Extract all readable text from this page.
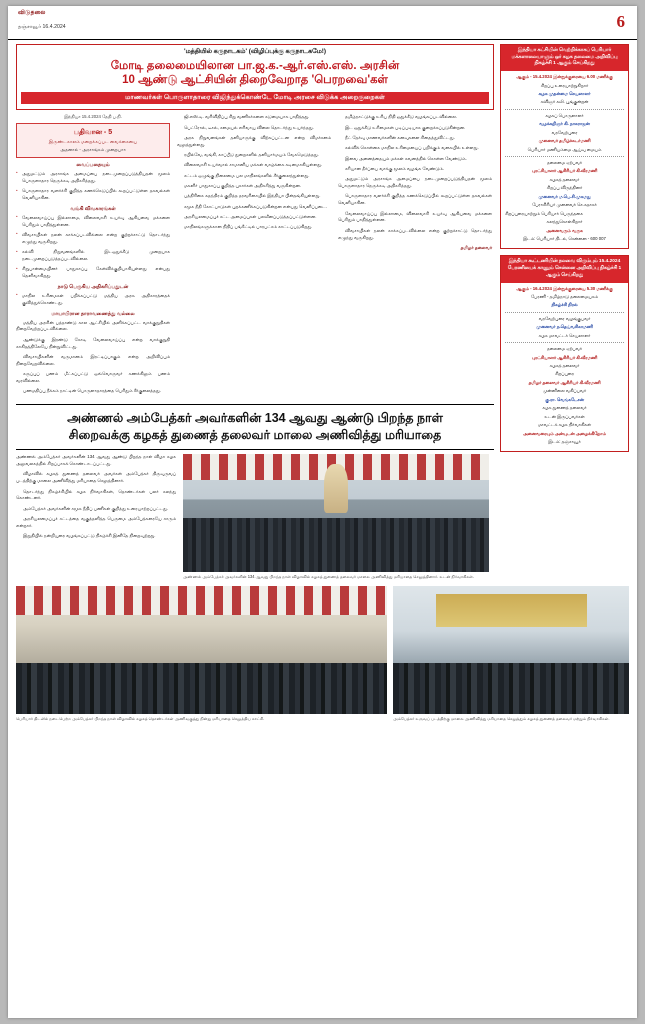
விடுதலை
தஞ்சாவூர் 16.4.2024	6
'மத்தியில் கருநாடகம்' (விழிப்புக்கு கருநாடகமே!)
மோடி தலைமையிலான பா.ஜ.க.-ஆர்.எஸ்.எஸ். அரசின்
10 ஆண்டு ஆட்சியின் திறைவேறாத 'பெரறவை'கள்
மாணவர்கள் பொருளாதாரை விஜிந்துக்கொண்டே மோடி அரசை விடுக்க அறைகுறைகள்
இந்தியா 15.4.2024 தேதி ப.நி.
பதிவான - 5
இருண்டகாலம் மறைக்கப்பட வைக்கையை
அதனால் - அரசாங்கம் முறையாா
வைப்பதையும்
● அதுமட்டும் அரசாங்க அமைப்பை நடைமுறைப்படுத்தியதன் மூலம் பொருளாதார நெருக்கடி அதிகரித்தது.
● பொருளாதார வளர்ச்சி குறித்த கணக்கெடுப்பில் கூறப்பட்டுள்ள தகவல்கள் வெளியாகின.
வங்கி விவகாரங்கள்
● வேலைவாய்ப்பு இல்லாமை, விலைவாசி உயர்வு ஆகியவை மக்களை பெரிதும் பாதித்துள்ளன.
● விவசாயிகள் நலன் காக்கப்படவில்லை என்ற குற்றச்சாட்டு தொடர்ந்து எழுந்து வருகிறது.
● கல்வி நிறுவனங்களில் இடஒதுக்கீடு முறையாக நடைமுறைப்படுத்தப்படவில்லை.
● சிறுபான்மையினர் பாதுகாப்பு கேள்விக்குறியாகியுள்ளது என்பது தெளிவாகிறது.
நாடு பெருகிய அதிகரிப்பதுடன்
● மாநில உரிமைகள் பறிக்கப்பட்டு மத்திய அரசு அதிகாரத்தைக் குவித்துக்கொண்டது.
மாயாபிரான தாராவணைத்து வல்லை

மத்திய அரசின் பத்தாண்டு கால ஆட்சியில் அளிக்கப்பட்ட வாக்குறுதிகள் நிறைவேற்றப்படவில்லை.

ஆண்டுக்கு இரண்டு கோடி வேலைவாய்ப்பு என்ற வாக்குறுதி காகிதத்திலேயே நின்றுவிட்டது.

விவசாயிகளின் வருமானம் இரட்டிப்பாகும் என்ற அறிவிப்பும் நிறைவேறவில்லை.

கருப்புப் பணம் மீட்கப்பட்டு ஒவ்வொருவர் கணக்கிலும் பணம் வரவில்லை.

பணமதிப்பு நீக்கம் நாட்டின் பொருளாதாரத்தை பெரிதும் சீர்குலைத்தது.

ஜி.எஸ்.டி. வரிவிதிப்பு சிறு வணிகர்களை கடுமையாக பாதித்தது.

பெட்ரோல், டீசல், சமையல் எரிவாயு விலை தொடர்ந்து உயர்ந்தது.

அரசு நிறுவனங்கள் தனியாருக்கு விற்கப்பட்டன என்ற விமர்சனம் வலுத்துள்ளது.

ரயில்வே, வங்கி, காப்பீடு துறைகளில் தனியார்மயம் வேகமெடுத்தது.

விலைவாசி உயர்வால் சாமானிய மக்கள் வாழ்க்கை கடினமாகியுள்ளது.

சட்டம் ஒழுங்கு நிலைமை பல மாநிலங்களில் சீர்குலைந்துள்ளது.

மகளிர் பாதுகாப்பு குறித்த புகார்கள் அதிகரித்து வருகின்றன.

பத்திரிகை சுதந்திரம் குறித்த தரவரிசையில் இந்தியா பின்தங்கியுள்ளது.

சமூக நீதி கோட்பாடுகள் புறக்கணிக்கப்படுகின்றன என்பது வெளிப்படை.

அரசியலமைப்புச் சட்ட அமைப்புகள் பலவீனப்படுத்தப்பட்டுள்ளன.

மாநிலங்களுக்கான நிதிப் பங்கீட்டில் பாரபட்சம் காட்டப்படுகிறது.

தமிழ்நாட்டுக்கு உரிய நிதி ஒதுக்கீடு வழங்கப்படவில்லை.

இட ஒதுக்கீடு உரிமைகள் படிப்படியாக குறைக்கப்படுகின்றன.

நீட் தேர்வு மாணவர்களின் கனவுகளை சிதைத்துவிட்டது.

கல்விக் கொள்கை மாநில உரிமையைப் பறிக்கும் வகையில் உள்ளது.

இவை அனைத்தையும் மக்கள் கவனத்தில் கொள்ள வேண்டும்.

சரியான தீர்ப்பை வாக்கு மூலம் வழங்க வேண்டும்.

அதுமட்டும் அரசாங்க அமைப்பை நடைமுறைப்படுத்தியதன் மூலம் பொருளாதார நெருக்கடி அதிகரித்தது.

பொருளாதார வளர்ச்சி குறித்த கணக்கெடுப்பில் கூறப்பட்டுள்ள தகவல்கள் வெளியாகின.

வேலைவாய்ப்பு இல்லாமை, விலைவாசி உயர்வு ஆகியவை மக்களை பெரிதும் பாதித்துள்ளன.

விவசாயிகள் நலன் காக்கப்படவில்லை என்ற குற்றச்சாட்டு தொடர்ந்து எழுந்து வருகிறது.

தமிழர் தலைவர்

அண்ணல் அம்பேத்கர் அவர்களின் 134 ஆவது ஆண்டு பிறந்த நாள்
சிறைவக்கு கழகத் துணைத் தலைவர் மாலை அணிவித்து மரியாதை

அண்ணல் அம்பேத்கர் அவர்களின் 134 ஆவது ஆண்டு பிறந்த நாள் விழா கழக அலுவலகத்தில் சிறப்பாகக் கொண்டாடப்பட்டது.

விழாவில் கழகத் துணைத் தலைவர் அவர்கள் அம்பேத்கர் திருவுருவப் படத்திற்கு மாலை அணிவித்து மரியாதை செலுத்தினார்.

தொடர்ந்து நிகழ்ச்சியில் கழக நிர்வாகிகள், தொண்டர்கள் பலர் கலந்து கொண்டனர்.

அம்பேத்கர் அவர்களின் சமூக நீதிப் பணிகள் குறித்து உரையாற்றப்பட்டது.

அரசியலமைப்புச் சட்டத்தை வகுத்தளித்த பெருமை அம்பேத்கரையே சாரும் என்றார்.

இறுதியில் நன்றியுரை வழங்கப்பட்டு நிகழ்ச்சி இனிதே நிறைவுற்றது.

அண்ணல் அம்பேத்கர் அவர்களின் 134 ஆவது பிறந்த நாள் விழாவில் கழகத் துணைத் தலைவர் மாலை அணிவித்து மரியாதை செலுத்தினார். உடன் நிர்வாகிகள்.
இந்தியா கட்சியின் வெற்றிக்காகப் பெரியார் மக்களாலையாளும் ஒர் கழக தலைமை அறிவிப்பு நிகழ்ச்சி 1 ஆகும் செய்கிறது
ஆகும் - 15.4.2024 இன்றுக்குரையை 6.00 மணிக்கு
சிறப்பு உரையாற்றுகிறார்
கழக முதன்மை செயலாளர்
கவிஞர் கலி. பூங்குன்றன்
கழகப் பொருளாளர்
வழக்கறிஞர் கி. நாகராஜன்
வரவேற்புரை
முனைவர் தமிழ்ச்சுடர்மணி
பெரியார் மணியம்மை ஆய்வு மையம்
தலைமை ஏற்பவர்
புரட்சியாளர் ஆசிரியர் கி.வீரமணி
கழகத் தலைவர்
சிறப்பு விருந்தினர்
முனைவர் ம.பெ.சி.முகமது
பேராசிரியர் முனைவர் செ.சுதாகர்
சிறப்புரையாற்றும் பெரியார் பெருந்தகை
கலந்துகொள்கிறார்
அனைவரும் வருக
இடம்: பெரியார் திடல், சென்னை - 600 007
இந்தியா கூட்டணியின் நலவை விரும்பும் 15.4.2024 பேரணியைக் காணும் சென்னை அறிவிப்பு நிகழ்ச்சி 1 ஆகும் செய்கிறது
ஆகும் - 16.4.2024 இன்றுக்குரையை 5.30 மணிக்கு
பேரணி - தமிழ்நாடு தலைமையகம்
நிகழ்ச்சி நிரல்
வரவேற்புரை வழங்குபவர்
முனைவர் ந.தெய்வசிகாமணி
கழக மாவட்டச் செயலாளர்
தலைமை ஏற்பவர்
புரட்சியாளர் ஆசிரியர் கி.வீரமணி
கழகத் தலைவர்
சிறப்புரை
தமிழர் தலைவர் ஆசிரியர் கி.வீரமணி
முன்னிலை வகிப்பவர்
கு.ரா. வெங்கடேசன்
கழக துணைத் தலைவர்
உடன் இருப்பவர்கள்
மாவட்டக் கழக நிர்வாகிகள்
அனைவரையும் அன்புடன் அழைக்கிறோம்
இடம்: தஞ்சாவூர்
பெரியார் திடலில் நடைபெற்ற அம்பேத்கர் பிறந்த நாள் விழாவில் கழகத் தொண்டர்கள் அணிவகுத்து நின்று மரியாதை செலுத்திய காட்சி.	அம்பேத்கர் உருவப் படத்திற்கு மாலை அணிவித்து மரியாதை செலுத்தும் கழகத் துணைத் தலைவர் மற்றும் நிர்வாகிகள்.
